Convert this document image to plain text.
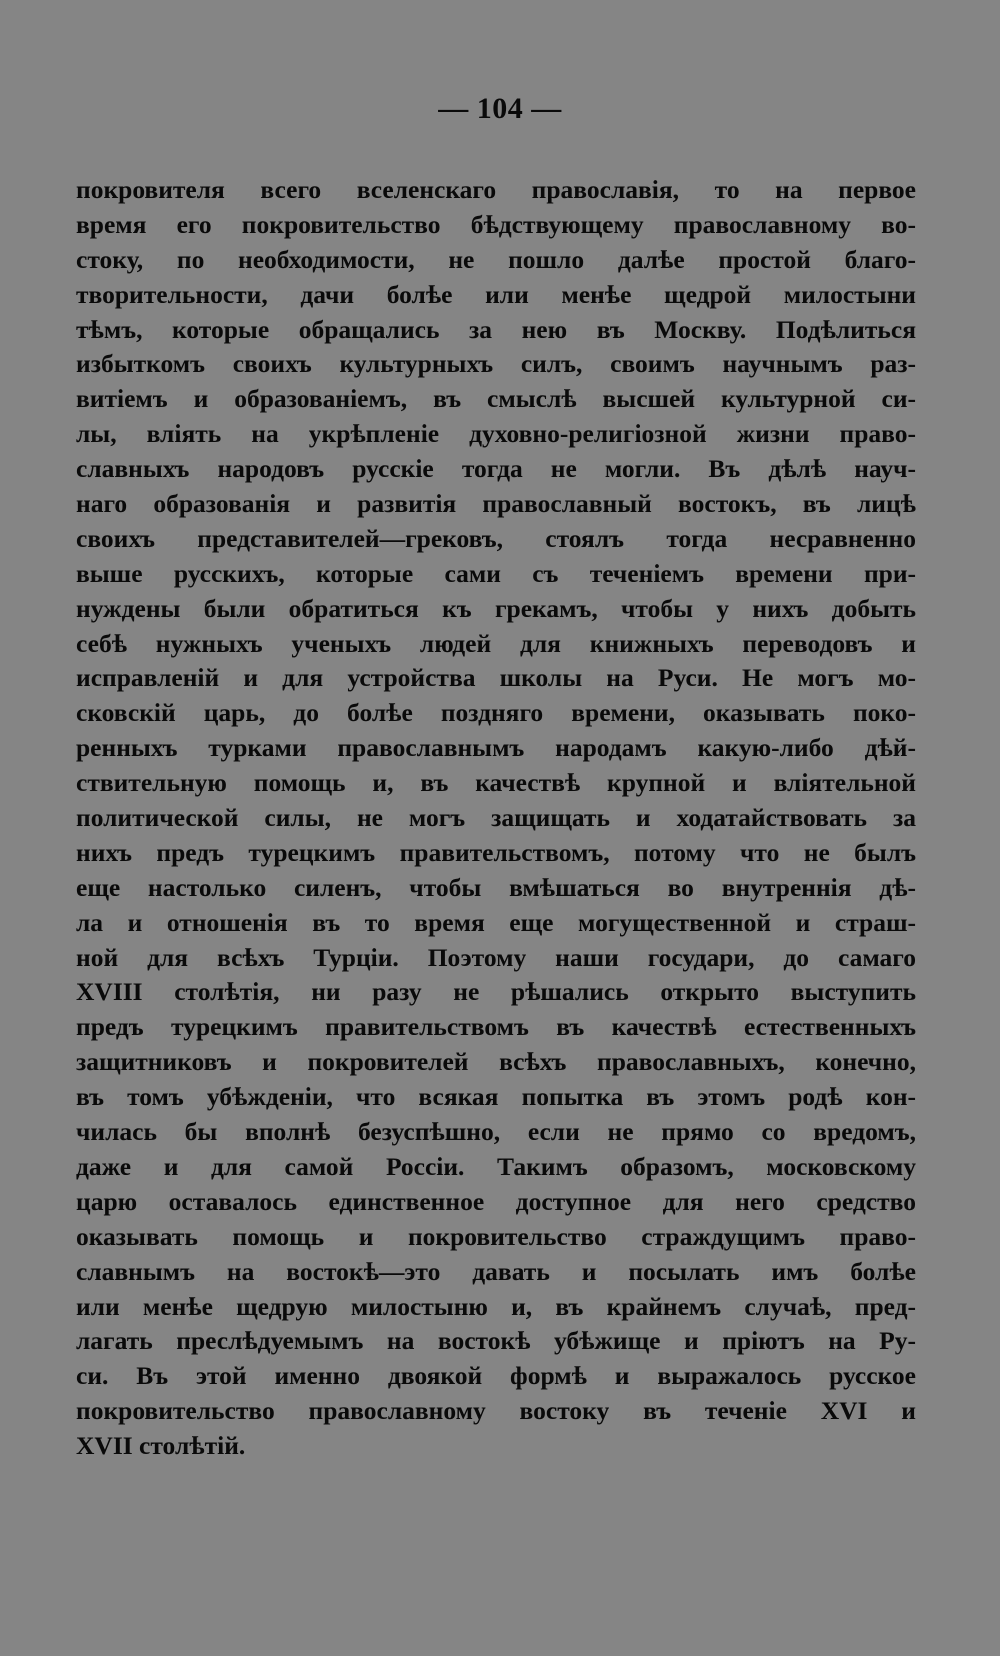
— 104 —
покровителя всего вселенскаго православія, то на первое
время его покровительство бѣдствующему православному во-
стоку, по необходимости, не пошло далѣе простой благо-
творительности, дачи болѣе или менѣе щедрой милостыни
тѣмъ, которые обращались за нею въ Москву. Подѣлиться
избыткомъ своихъ культурныхъ силъ, своимъ научнымъ раз-
витіемъ и образованіемъ, въ смыслѣ высшей культурной си-
лы, вліять на укрѣпленіе духовно-религіозной жизни право-
славныхъ народовъ русскіе тогда не могли. Въ дѣлѣ науч-
наго образованія и развитія православный востокъ, въ лицѣ
своихъ представителей—грековъ, стоялъ тогда несравненно
выше русскихъ, которые сами съ теченіемъ времени при-
нуждены были обратиться къ грекамъ, чтобы у нихъ добыть
себѣ нужныхъ ученыхъ людей для книжныхъ переводовъ и
исправленій и для устройства школы на Руси. Не могъ мо-
сковскій царь, до болѣе поздняго времени, оказывать поко-
ренныхъ турками православнымъ народамъ какую-либо дѣй-
ствительную помощь и, въ качествѣ крупной и вліятельной
политической силы, не могъ защищать и ходатайствовать за
нихъ предъ турецкимъ правительствомъ, потому что не былъ
еще настолько силенъ, чтобы вмѣшаться во внутреннія дѣ-
ла и отношенія въ то время еще могущественной и страш-
ной для всѣхъ Турціи. Поэтому наши государи, до самаго
XVIII столѣтія, ни разу не рѣшались открыто выступить
предъ турецкимъ правительствомъ въ качествѣ естественныхъ
защитниковъ и покровителей всѣхъ православныхъ, конечно,
въ томъ убѣжденіи, что всякая попытка въ этомъ родѣ кон-
чилась бы вполнѣ безуспѣшно, если не прямо со вредомъ,
даже и для самой Россіи. Такимъ образомъ, московскому
царю оставалось единственное доступное для него средство
оказывать помощь и покровительство страждущимъ право-
славнымъ на востокѣ—это давать и посылать имъ болѣе
или менѣе щедрую милостыню и, въ крайнемъ случаѣ, пред-
лагать преслѣдуемымъ на востокѣ убѣжище и пріютъ на Ру-
си. Въ этой именно двоякой формѣ и выражалось русское
покровительство православному востоку въ теченіе XVI и
XVII столѣтій.
